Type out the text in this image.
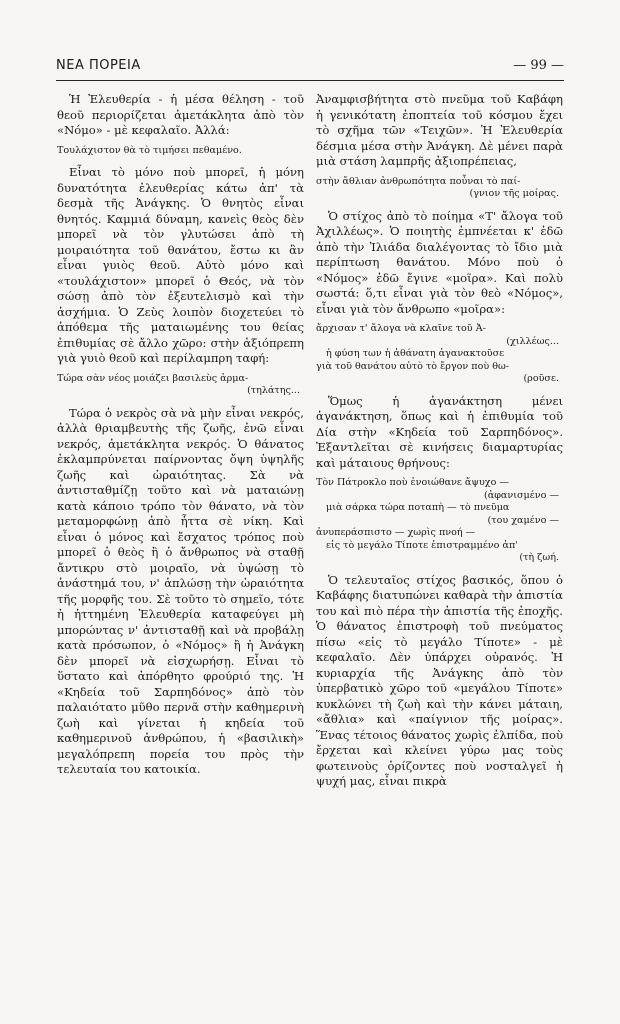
ΝΕΑ ΠΟΡΕΙΑ	— 99 —

Ἡ Ἐλευθερία - ἡ μέσα θέληση - τοῦ θεοῦ περιορίζεται ἀμετάκλητα ἀπὸ τὸν «Νόμο» - μὲ κεφαλαῖο. Ἀλλά:

Τουλάχιστον θὰ τὸ τιμήσει πεθαμένο.

Εἶναι τὸ μόνο ποὺ μπορεῖ, ἡ μόνη δυνατότητα ἐλευθερίας κάτω ἀπ' τὰ δεσμὰ τῆς Ἀνάγκης. Ὁ θνητὸς εἶναι θνητός. Καμμιά δύναμη, κανεὶς θεὸς δὲν μπορεῖ νὰ τὸν γλυτώσει ἀπὸ τὴ μοιραιότητα τοῦ θανάτου, ἔστω κι ἂν εἶναι γυιὸς θεοῦ. Αὐτὸ μόνο καὶ «τουλάχιστον» μπορεῖ ὁ Θεός, νὰ τὸν σώσῃ ἀπὸ τὸν ἐξευτελισμὸ καὶ τὴν ἀσχήμια. Ὁ Ζεὺς λοιπὸν διοχετεύει τὸ ἀπόθεμα τῆς ματαιωμένης του θείας ἐπιθυμίας σὲ ἄλλο χῶρο: στὴν ἀξιόπρεπη γιὰ γυιὸ θεοῦ καὶ περίλαμπρη ταφή:

Τώρα σὰν νέος μοιάζει βασιλεὺς ἁρμα-
(τηλάτης...

Τώρα ὁ νεκρὸς σὰ νὰ μὴν εἶναι νεκρός, ἀλλὰ θριαμβευτὴς τῆς ζωῆς, ἐνῶ εἶναι νεκρός, ἀμετάκλητα νεκρός. Ὁ θάνατος ἐκλαμπρύνεται παίρνοντας ὄψη ὑψηλῆς ζωῆς καὶ ὡραιότητας. Σὰ νὰ ἀντισταθμίζῃ τοῦτο καὶ νὰ ματαιώνῃ κατὰ κάποιο τρόπο τὸν θάνατο, νὰ τὸν μεταμορφώνῃ ἀπὸ ἧττα σὲ νίκη. Καὶ εἶναι ὁ μόνος καὶ ἔσχατος τρόπος ποὺ μπορεῖ ὁ θεὸς ἢ ὁ ἄνθρωπος νὰ σταθῇ ἄντικρυ στὸ μοιραῖο, νὰ ὑψώσῃ τὸ ἀνάστημά του, ν' ἁπλώσῃ τὴν ὡραιότητα τῆς μορφῆς του. Σὲ τοῦτο τὸ σημεῖο, τότε ἡ ἡττημένη Ἐλευθερία καταφεύγει μὴ μπορώντας ν' ἀντισταθῇ καὶ νὰ προβάλῃ κατὰ πρόσωπον, ὁ «Νόμος» ἢ ἡ Ἀνάγκη δὲν μπορεῖ νὰ εἰσχωρήσῃ. Εἶναι τὸ ὕστατο καὶ ἀπόρθητο φρούριό της. Ἡ «Κηδεία τοῦ Σαρπηδόνος» ἀπὸ τὸν παλαιότατο μῦθο περνᾶ στὴν καθημερινὴ ζωὴ καὶ γίνεται ἡ κηδεία τοῦ καθημερινοῦ ἀνθρώπου, ἡ «βασιλικὴ» μεγαλόπρεπη πορεία του πρὸς τὴν τελευταία του κατοικία.

Ἀναμφισβήτητα στὸ πνεῦμα τοῦ Καβάφη ἡ γενικότατη ἐποπτεία τοῦ κόσμου ἔχει τὸ σχῆμα τῶν «Τειχῶν». Ἡ Ἐλευθερία δέσμια μέσα στὴν Ἀνάγκη. Δὲ μένει παρὰ μιὰ στάση λαμπρῆς ἀξιοπρέπειας,

στὴν ἄθλιαν ἀνθρωπότητα ποὖναι τὸ παί-
(γνιον τῆς μοίρας.

Ὁ στίχος ἀπὸ τὸ ποίημα «Τ' ἄλογα τοῦ Ἀχιλλέως». Ὁ ποιητὴς ἐμπνέεται κ' ἐδῶ ἀπὸ τὴν Ἰλιάδα διαλέγοντας τὸ ἴδιο μιὰ περίπτωση θανάτου. Μόνο ποὺ ὁ «Νόμος» ἐδῶ ἔγινε «μοῖρα». Καὶ πολὺ σωστά: ὅ,τι εἶναι γιὰ τὸν θεὸ «Νόμος», εἶναι γιὰ τὸν ἄνθρωπο «μοῖρα»:

ἄρχισαν τ' ἄλογα νὰ κλαῖνε τοῦ Ἀ-
(χιλλέως...
ἡ φύση των ἡ ἀθάνατη ἀγανακτοῦσε
γιὰ τοῦ θανάτου αὐτὸ τὸ ἔργον ποὺ θω-
(ροῦσε.

Ὅμως ἡ ἀγανάκτηση μένει ἀγανάκτηση, ὅπως καὶ ἡ ἐπιθυμία τοῦ Δία στὴν «Κηδεία τοῦ Σαρπηδόνος». Ἐξαντλεῖται σὲ κινήσεις διαμαρτυρίας καὶ μάταιους θρήνους:

Τὸν Πάτροκλο ποὺ ἐνοιώθανε ἄψυχο —
(ἀφανισμένο —
μιὰ σάρκα τώρα ποταπὴ — τὸ πνεῦμα
(του χαμένο —
ἀνυπεράσπιστο — χωρὶς πνοή —
εἰς τὸ μεγάλο Τίποτε ἐπιστραμμένο ἀπ'
(τὴ ζωή.

Ὁ τελευταῖος στίχος βασικός, ὅπου ὁ Καβάφης διατυπώνει καθαρὰ τὴν ἀπιστία του καὶ πιὸ πέρα τὴν ἀπιστία τῆς ἐποχῆς. Ὁ θάνατος ἐπιστροφὴ τοῦ πνεύματος πίσω «εἰς τὸ μεγάλο Τίποτε» - μὲ κεφαλαῖο. Δὲν ὑπάρχει οὐρανός. Ἡ κυριαρχία τῆς Ἀνάγκης ἀπὸ τὸν ὑπερβατικὸ χῶρο τοῦ «μεγάλου Τίποτε» κυκλώνει τὴ ζωὴ καὶ τὴν κάνει μάταιη, «ἄθλια» καὶ «παίγνιον τῆς μοίρας». Ἕνας τέτοιος θάνατος χωρὶς ἐλπίδα, ποὺ ἔρχεται καὶ κλείνει γύρω μας τοὺς φωτεινοὺς ὁρίζοντες ποὺ νοσταλγεῖ ἡ ψυχή μας, εἶναι πικρὰ
